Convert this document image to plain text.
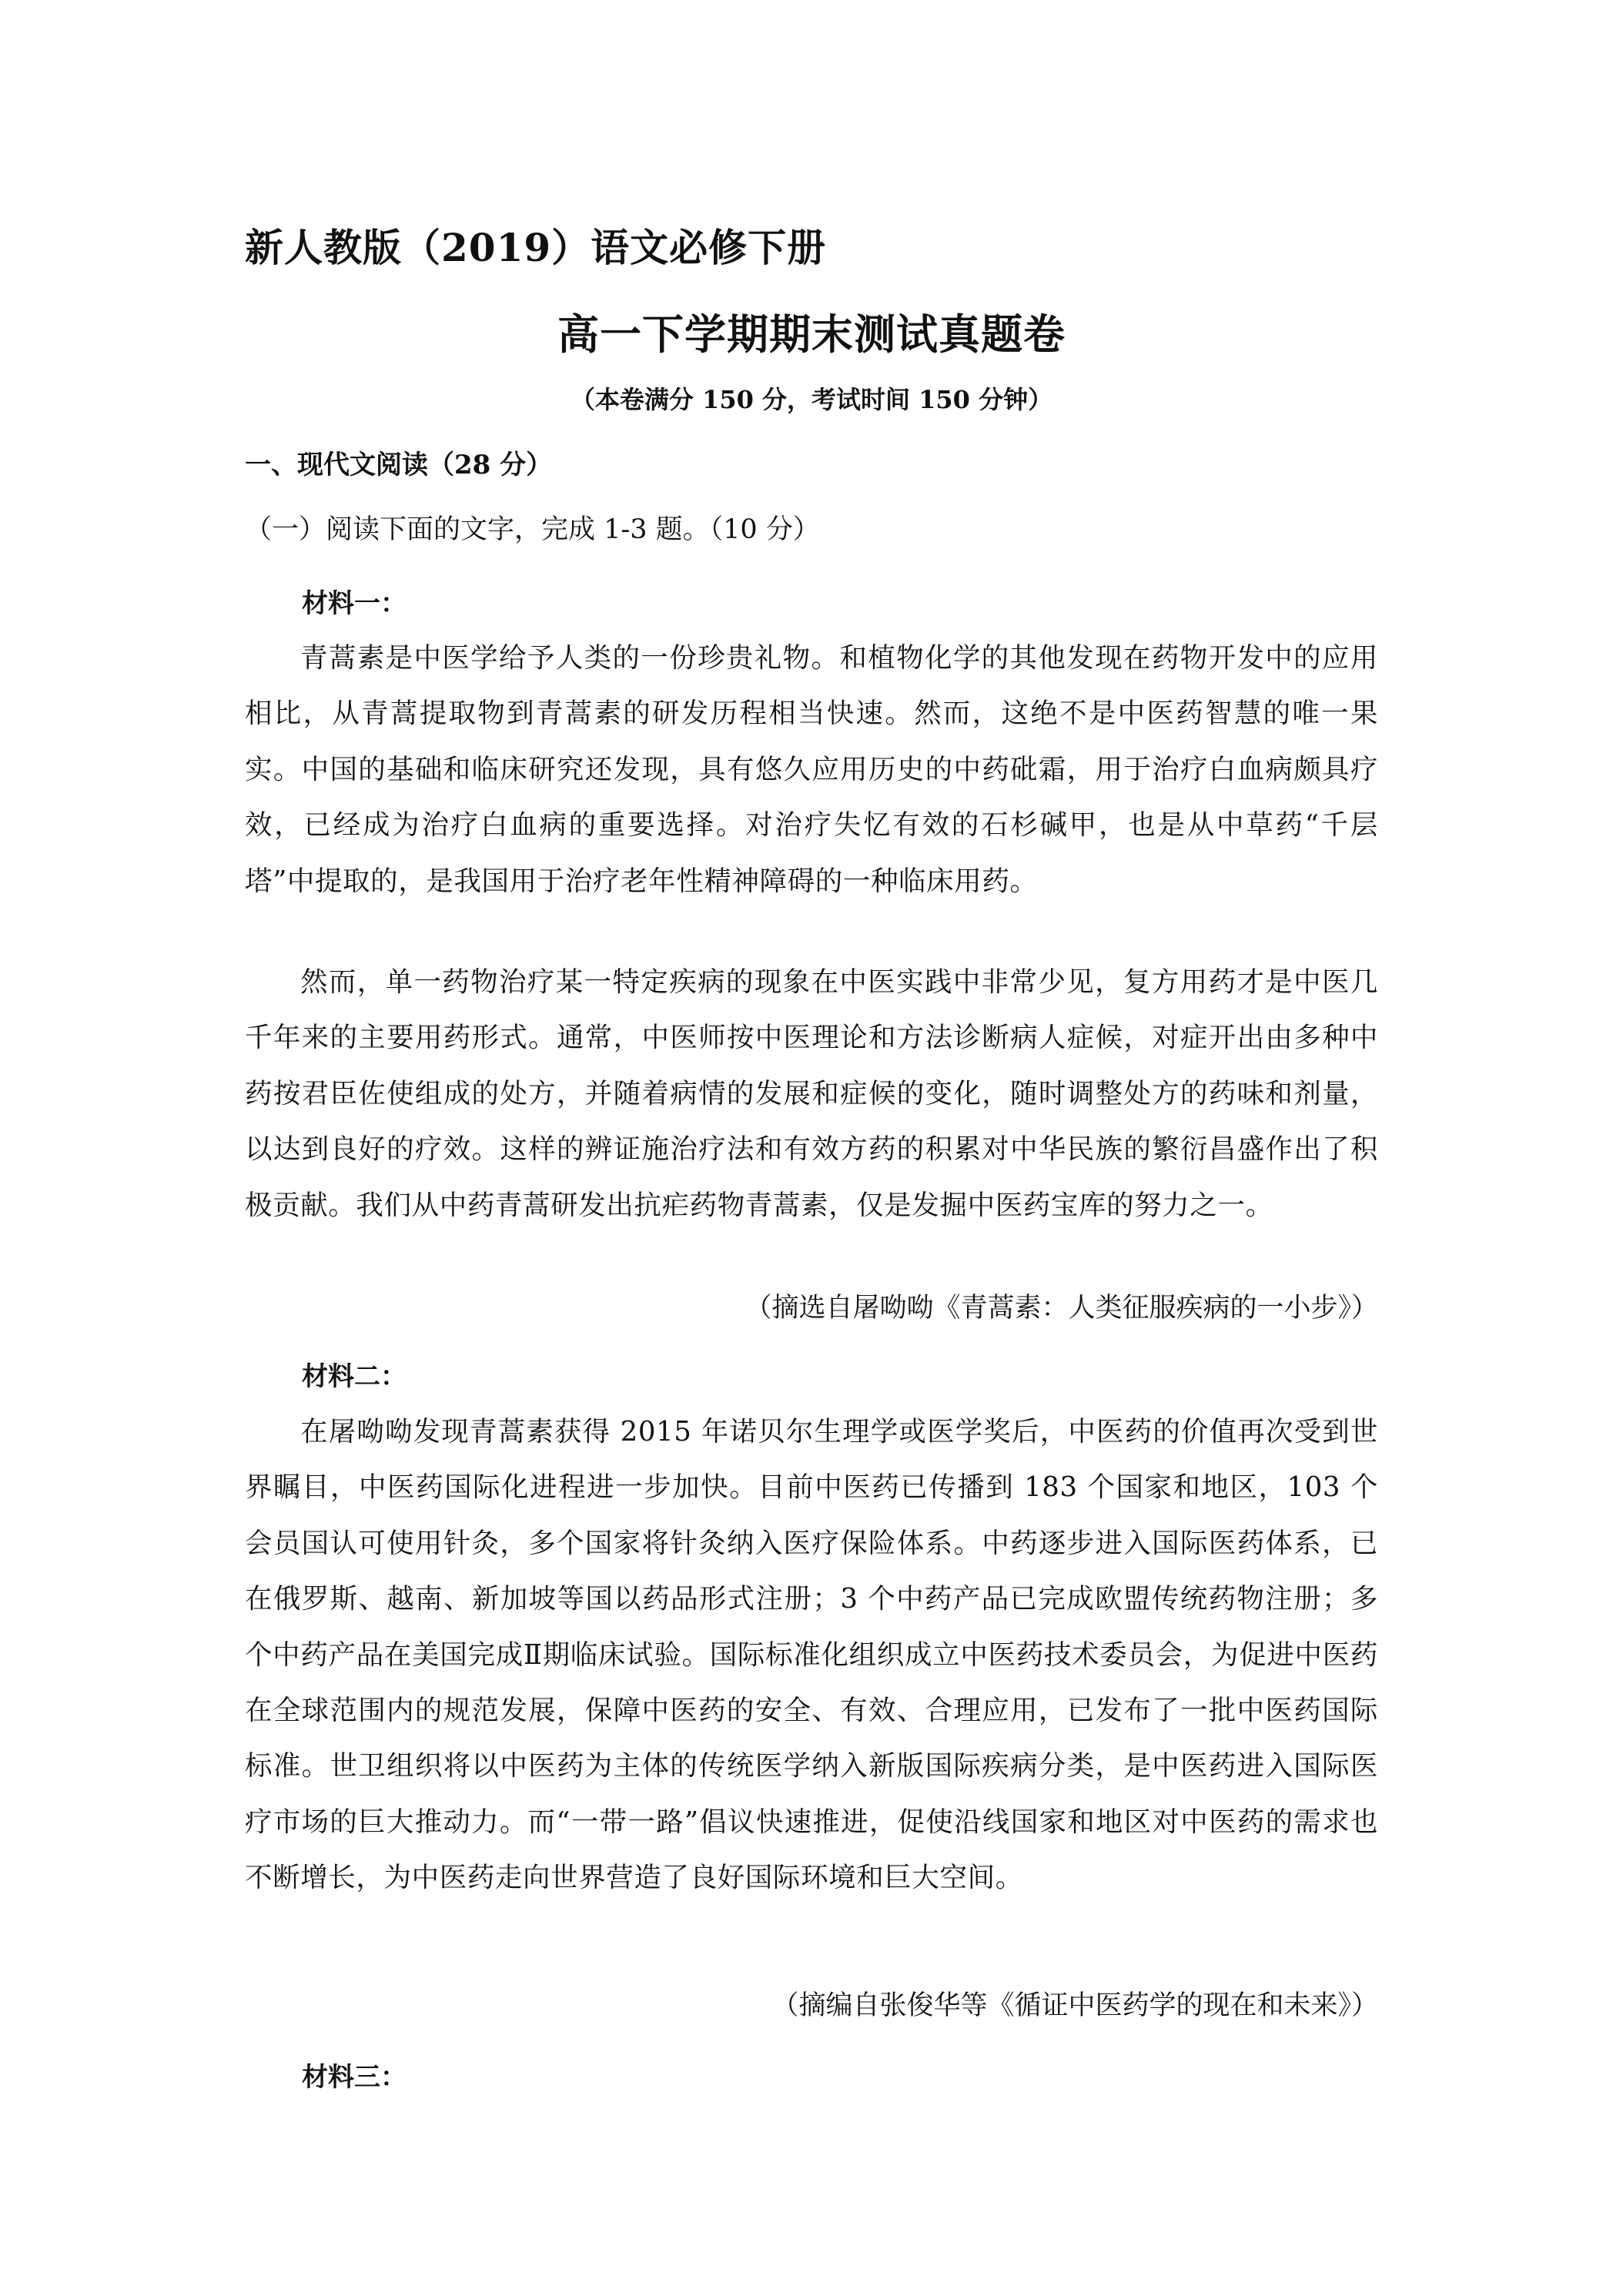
新人教版（2019）语文必修下册
高一下学期期末测试真题卷
（本卷满分 150 分，考试时间 150 分钟）
一、现代文阅读（28 分）
（一）阅读下面的文字，完成 1-3 题。（10 分）
材料一：

青蒿素是中医学给予人类的一份珍贵礼物。和植物化学的其他发现在药物开发中的应用相比，从青蒿提取物到青蒿素的研发历程相当快速。然而，这绝不是中医药智慧的唯一果实。中国的基础和临床研究还发现，具有悠久应用历史的中药砒霜，用于治疗白血病颇具疗效，已经成为治疗白血病的重要选择。对治疗失忆有效的石杉碱甲，也是从中草药“千层塔”中提取的，是我国用于治疗老年性精神障碍的一种临床用药。

然而，单一药物治疗某一特定疾病的现象在中医实践中非常少见，复方用药才是中医几千年来的主要用药形式。通常，中医师按中医理论和方法诊断病人症候，对症开出由多种中药按君臣佐使组成的处方，并随着病情的发展和症候的变化，随时调整处方的药味和剂量，以达到良好的疗效。这样的辨证施治疗法和有效方药的积累对中华民族的繁衍昌盛作出了积极贡献。我们从中药青蒿研发出抗疟药物青蒿素，仅是发掘中医药宝库的努力之一。

（摘选自屠呦呦《青蒿素：人类征服疾病的一小步》）
材料二：

在屠呦呦发现青蒿素获得 2015 年诺贝尔生理学或医学奖后，中医药的价值再次受到世界瞩目，中医药国际化进程进一步加快。目前中医药已传播到 183 个国家和地区，103 个会员国认可使用针灸，多个国家将针灸纳入医疗保险体系。中药逐步进入国际医药体系，已在俄罗斯、越南、新加坡等国以药品形式注册；3 个中药产品已完成欧盟传统药物注册；多个中药产品在美国完成Ⅱ期临床试验。国际标准化组织成立中医药技术委员会，为促进中医药在全球范围内的规范发展，保障中医药的安全、有效、合理应用，已发布了一批中医药国际标准。世卫组织将以中医药为主体的传统医学纳入新版国际疾病分类，是中医药进入国际医疗市场的巨大推动力。而“一带一路”倡议快速推进，促使沿线国家和地区对中医药的需求也不断增长，为中医药走向世界营造了良好国际环境和巨大空间。

（摘编自张俊华等《循证中医药学的现在和未来》）
材料三：
